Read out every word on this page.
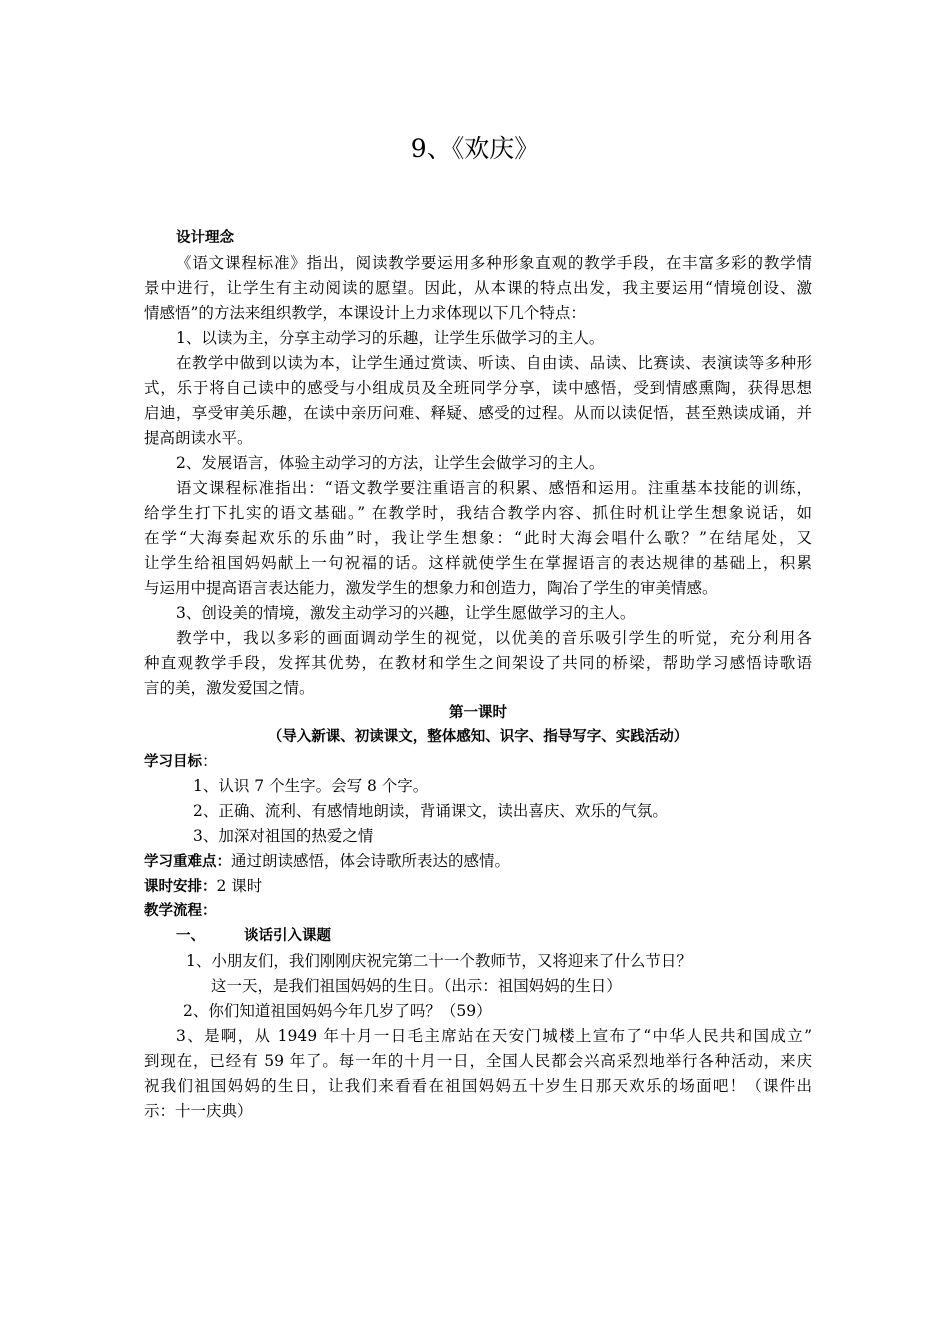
9、《欢庆》
设计理念
《语文课程标准》指出，阅读教学要运用多种形象直观的教学手段，在丰富多彩的教学情
景中进行，让学生有主动阅读的愿望。因此，从本课的特点出发，我主要运用“情境创设、激
情感悟”的方法来组织教学，本课设计上力求体现以下几个特点：
1、以读为主，分享主动学习的乐趣，让学生乐做学习的主人。
在教学中做到以读为本，让学生通过赏读、听读、自由读、品读、比赛读、表演读等多种形
式，乐于将自己读中的感受与小组成员及全班同学分享，读中感悟，受到情感熏陶，获得思想
启迪，享受审美乐趣，在读中亲历问难、释疑、感受的过程。从而以读促悟，甚至熟读成诵，并
提高朗读水平。
2、发展语言，体验主动学习的方法，让学生会做学习的主人。
语文课程标准指出：“语文教学要注重语言的积累、感悟和运用。注重基本技能的训练，
给学生打下扎实的语文基础。” 在教学时，我结合教学内容、抓住时机让学生想象说话，如
在学“大海奏起欢乐的乐曲”时，我让学生想象：“此时大海会唱什么歌？”在结尾处，又
让学生给祖国妈妈献上一句祝福的话。这样就使学生在掌握语言的表达规律的基础上，积累
与运用中提高语言表达能力，激发学生的想象力和创造力，陶冶了学生的审美情感。
3、创设美的情境，激发主动学习的兴趣，让学生愿做学习的主人。
教学中，我以多彩的画面调动学生的视觉，以优美的音乐吸引学生的听觉，充分利用各
种直观教学手段，发挥其优势，在教材和学生之间架设了共同的桥梁，帮助学习感悟诗歌语
言的美，激发爱国之情。
第一课时
（导入新课、初读课文，整体感知、识字、指导写字、实践活动）
学习目标：
1、认识 7 个生字。会写 8 个字。
2、正确、流利、有感情地朗读，背诵课文，读出喜庆、欢乐的气氛。
3、加深对祖国的热爱之情
学习重难点：通过朗读感悟，体会诗歌所表达的感情。
课时安排：2 课时
教学流程：
一、	谈话引入课题
1、小朋友们，我们刚刚庆祝完第二十一个教师节，又将迎来了什么节日？
这一天，是我们祖国妈妈的生日。（出示：祖国妈妈的生日）
2、你们知道祖国妈妈今年几岁了吗？（59）
3、是啊，从 1949 年十月一日毛主席站在天安门城楼上宣布了“中华人民共和国成立”
到现在，已经有 59 年了。每一年的十月一日，全国人民都会兴高采烈地举行各种活动，来庆
祝我们祖国妈妈的生日，让我们来看看在祖国妈妈五十岁生日那天欢乐的场面吧！（课件出
示：十一庆典）
